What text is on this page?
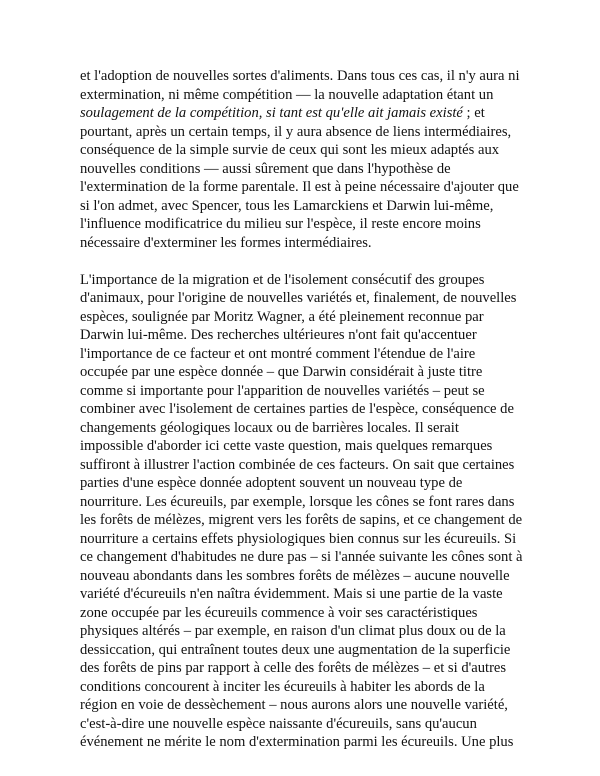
et l'adoption de nouvelles sortes d'aliments. Dans tous ces cas, il n'y aura ni
extermination, ni même compétition — la nouvelle adaptation étant un
soulagement de la compétition, si tant est qu'elle ait jamais existé ; et
pourtant, après un certain temps, il y aura absence de liens intermédiaires,
conséquence de la simple survie de ceux qui sont les mieux adaptés aux
nouvelles conditions — aussi sûrement que dans l'hypothèse de
l'extermination de la forme parentale. Il est à peine nécessaire d'ajouter que
si l'on admet, avec Spencer, tous les Lamarckiens et Darwin lui-même,
l'influence modificatrice du milieu sur l'espèce, il reste encore moins
nécessaire d'exterminer les formes intermédiaires.

L'importance de la migration et de l'isolement consécutif des groupes
d'animaux, pour l'origine de nouvelles variétés et, finalement, de nouvelles
espèces, soulignée par Moritz Wagner, a été pleinement reconnue par
Darwin lui-même. Des recherches ultérieures n'ont fait qu'accentuer
l'importance de ce facteur et ont montré comment l'étendue de l'aire
occupée par une espèce donnée – que Darwin considérait à juste titre
comme si importante pour l'apparition de nouvelles variétés – peut se
combiner avec l'isolement de certaines parties de l'espèce, conséquence de
changements géologiques locaux ou de barrières locales. Il serait
impossible d'aborder ici cette vaste question, mais quelques remarques
suffiront à illustrer l'action combinée de ces facteurs. On sait que certaines
parties d'une espèce donnée adoptent souvent un nouveau type de
nourriture. Les écureuils, par exemple, lorsque les cônes se font rares dans
les forêts de mélèzes, migrent vers les forêts de sapins, et ce changement de
nourriture a certains effets physiologiques bien connus sur les écureuils. Si
ce changement d'habitudes ne dure pas – si l'année suivante les cônes sont à
nouveau abondants dans les sombres forêts de mélèzes – aucune nouvelle
variété d'écureuils n'en naîtra évidemment. Mais si une partie de la vaste
zone occupée par les écureuils commence à voir ses caractéristiques
physiques altérés – par exemple, en raison d'un climat plus doux ou de la
dessiccation, qui entraînent toutes deux une augmentation de la superficie
des forêts de pins par rapport à celle des forêts de mélèzes – et si d'autres
conditions concourent à inciter les écureuils à habiter les abords de la
région en voie de dessèchement – nous aurons alors une nouvelle variété,
c'est-à-dire une nouvelle espèce naissante d'écureuils, sans qu'aucun
événement ne mérite le nom d'extermination parmi les écureuils. Une plus
